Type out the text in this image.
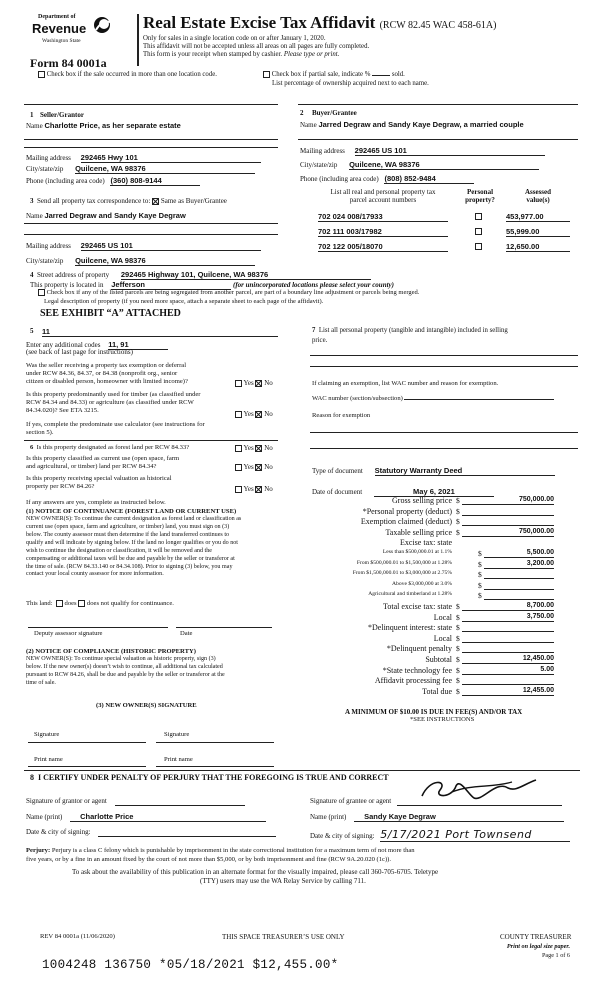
Department of
Revenue
Washington State
Real Estate Excise Tax Affidavit (RCW 82.45 WAC 458-61A)
Only for sales in a single location code on or after January 1, 2020.
This affidavit will not be accepted unless all areas on all pages are fully completed.
This form is your receipt when stamped by cashier. Please type or print.
Form 84 0001a
Check box if the sale occurred in more than one location code.	Check box if partial sale, indicate %	sold.
List percentage of ownership acquired next to each name.
1 Seller/Grantor
Name Charlotte Price, as her separate estate
Mailing address 292465 Hwy 101
City/state/zip Quilcene, WA 98376
Phone (including area code) (360) 808-9144
3 Send all property tax correspondence to: Same as Buyer/Grantee
Name Jarred Degraw and Sandy Kaye Degraw
Mailing address 292465 US 101
City/state/zip Quilcene, WA 98376
2 Buyer/Grantee
Name Jarred Degraw and Sandy Kaye Degraw, a married couple
Mailing address 292465 US 101
City/state/zip Quilcene, WA 98376
Phone (including area code) (808) 852-9484
List all real and personal property tax
parcel account numbers
Personal
property?
Assessed
value(s)
702 024 008/17933	453,977.00
702 111 003/17982	55,999.00
702 122 005/18070	12,650.00
4 Street address of property 292465 Highway 101, Quilcene, WA 98376
This property is located in Jefferson	(for unincorporated locations please select your county)
Check box if any of the listed parcels are being segregated from another parcel, are part of a boundary line adjustment or parcels being merged.
Legal description of property (if you need more space, attach a separate sheet to each page of the affidavit).
SEE EXHIBIT “A” ATTACHED
5 11
Enter any additional codes 11, 91
(see back of last page for instructions)
Was the seller receiving a property tax exemption or deferral
under RCW 84.36, 84.37, or 84.38 (nonprofit org., senior
citizen or disabled person, homeowner with limited income)?	Yes No
Is this property predominantly used for timber (as classified under
RCW 84.34 and 84.33) or agriculture (as classified under RCW
84.34.020)? See ETA 3215.	Yes No
If yes, complete the predominate use calculator (see instructions for
section 5).
6 Is this property designated as forest land per RCW 84.33?	Yes No
Is this property classified as current use (open space, farm
and agricultural, or timber) land per RCW 84.34?	Yes No
Is this property receiving special valuation as historical
property per RCW 84.26?	Yes No
If any answers are yes, complete as instructed below.
(1) NOTICE OF CONTINUANCE (FOREST LAND OR CURRENT USE)
NEW OWNER(S): To continue the current designation as forest land or classification as
current use (open space, farm and agriculture, or timber) land, you must sign on (3)
below. The county assessor must then determine if the land transferred continues to
qualify and will indicate by signing below. If the land no longer qualifies or you do not
wish to continue the designation or classification, it will be removed and the
compensating or additional taxes will be due and payable by the seller or transferor at
the time of sale. (RCW 84.33.140 or 84.34.108). Prior to signing (3) below, you may
contact your local county assessor for more information.
This land: does does not qualify for continuance.
Deputy assessor signature	Date
(2) NOTICE OF COMPLIANCE (HISTORIC PROPERTY)
NEW OWNER(S): To continue special valuation as historic property, sign (3)
below. If the new owner(s) doesn’t wish to continue, all additional tax calculated
pursuant to RCW 84.26, shall be due and payable by the seller or transferor at the
time of sale.
(3) NEW OWNER(S) SIGNATURE
Signature	Signature
Print name	Print name
7 List all personal property (tangible and intangible) included in selling
price.
If claiming an exemption, list WAC number and reason for exemption.
WAC number (section/subsection)
Reason for exemption
Type of document Statutory Warranty Deed
Date of document	May 6, 2021
Gross selling price $	750,000.00
*Personal property (deduct) $
Exemption claimed (deduct) $
Taxable selling price $	750,000.00
Excise tax: state
Less than $500,000.01 at 1.1%	$	5,500.00
From $500,000.01 to $1,500,000 at 1.28%	$	3,200.00
From $1,500,000.01 to $3,000,000 at 2.75%	$
Above $3,000,000 at 3.0%	$
Agricultural and timberland at 1.28%	$
Total excise tax: state $	8,700.00
Local $	3,750.00
*Delinquent interest: state $
Local $
*Delinquent penalty $
Subtotal $	12,450.00
*State technology fee $	5.00
Affidavit processing fee $
Total due $	12,455.00
A MINIMUM OF $10.00 IS DUE IN FEE(S) AND/OR TAX
*SEE INSTRUCTIONS
8 I CERTIFY UNDER PENALTY OF PERJURY THAT THE FOREGOING IS TRUE AND CORRECT
Signature of grantor or agent	Signature of grantee or agent
Name (print) Charlotte Price	Name (print) Sandy Kaye Degraw
Date & city of signing:	Date & city of signing: 5/17/2021 Port Townsend
Perjury: Perjury is a class C felony which is punishable by imprisonment in the state correctional institution for a maximum term of not more than
five years, or by a fine in an amount fixed by the court of not more than $5,000, or by both imprisonment and fine (RCW 9A.20.020 (1c)).
To ask about the availability of this publication in an alternate format for the visually impaired, please call 360-705-6705. Teletype
(TTY) users may use the WA Relay Service by calling 711.
REV 84 0001a (11/06/2020)	THIS SPACE TREASURER’S USE ONLY	COUNTY TREASURER
Print on legal size paper.
Page 1 of 6
1004248 136750 *05/18/2021 $12,455.00*
